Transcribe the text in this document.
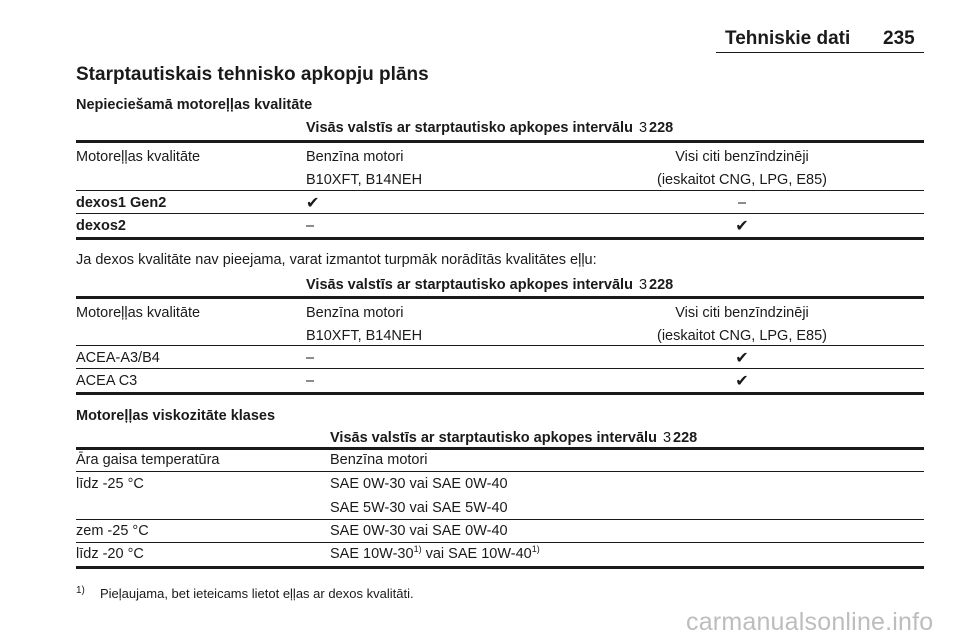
Tehniskie dati 235
Starptautiskais tehnisko apkopju plāns
Nepieciešamā motoreļļas kvalitāte
Visās valstīs ar starptautisko apkopes intervālu 3 228
Motoreļļas kvalitāte	Benzīna motori
B10XFT, B14NEH
Visi citi benzīndzinēji
(ieskaitot CNG, LPG, E85)
dexos1 Gen2	✔	–
dexos2	–	✔
Ja dexos kvalitāte nav pieejama, varat izmantot turpmāk norādītās kvalitātes eļļu:
Visās valstīs ar starptautisko apkopes intervālu 3 228
Motoreļļas kvalitāte	Benzīna motori
B10XFT, B14NEH
Visi citi benzīndzinēji
(ieskaitot CNG, LPG, E85)
ACEA-A3/B4	–	✔
ACEA C3	–	✔
Motoreļļas viskozitāte klases
Visās valstīs ar starptautisko apkopes intervālu 3 228
Āra gaisa temperatūra	Benzīna motori
līdz -25 °C	SAE 0W-30 vai SAE 0W-40
SAE 5W-30 vai SAE 5W-40
zem -25 °C	SAE 0W-30 vai SAE 0W-40
līdz -20 °C	SAE 10W-30$^{1)}$ vai SAE 10W-40$^{1)}$
1) Pieļaujama, bet ieteicams lietot eļļas ar dexos kvalitāti.
carmanualsonline.info
